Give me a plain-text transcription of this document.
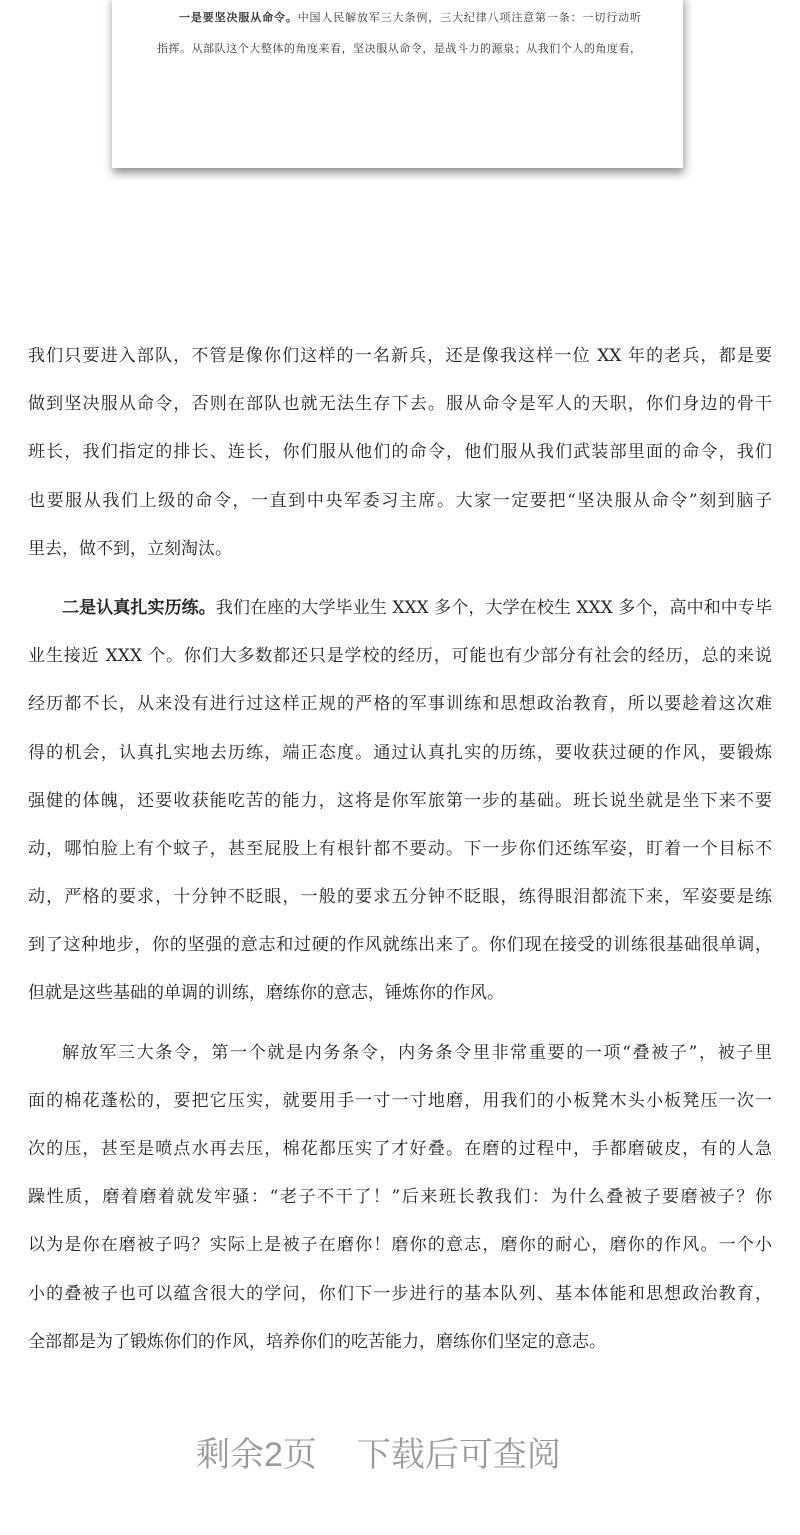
一是要坚决服从命令。中国人民解放军三大条例，三大纪律八项注意第一条：一切行动听
指挥。从部队这个大整体的角度来看，坚决服从命令，是战斗力的源泉；从我们个人的角度看，
我们只要进入部队，不管是像你们这样的一名新兵，还是像我这样一位 XX 年的老兵，都是要
做到坚决服从命令，否则在部队也就无法生存下去。服从命令是军人的天职，你们身边的骨干
班长，我们指定的排长、连长，你们服从他们的命令，他们服从我们武装部里面的命令，我们
也要服从我们上级的命令，一直到中央军委习主席。大家一定要把“坚决服从命令”刻到脑子
里去，做不到，立刻淘汰。
二是认真扎实历练。我们在座的大学毕业生 XXX 多个，大学在校生 XXX 多个，高中和中专毕
业生接近 XXX 个。你们大多数都还只是学校的经历，可能也有少部分有社会的经历，总的来说
经历都不长，从来没有进行过这样正规的严格的军事训练和思想政治教育，所以要趁着这次难
得的机会，认真扎实地去历练，端正态度。通过认真扎实的历练，要收获过硬的作风，要锻炼
强健的体魄，还要收获能吃苦的能力，这将是你军旅第一步的基础。班长说坐就是坐下来不要
动，哪怕脸上有个蚊子，甚至屁股上有根针都不要动。下一步你们还练军姿，盯着一个目标不
动，严格的要求，十分钟不眨眼，一般的要求五分钟不眨眼，练得眼泪都流下来，军姿要是练
到了这种地步，你的坚强的意志和过硬的作风就练出来了。你们现在接受的训练很基础很单调，
但就是这些基础的单调的训练，磨练你的意志，锤炼你的作风。
解放军三大条令，第一个就是内务条令，内务条令里非常重要的一项“叠被子”，被子里
面的棉花蓬松的，要把它压实，就要用手一寸一寸地磨，用我们的小板凳木头小板凳压一次一
次的压，甚至是喷点水再去压，棉花都压实了才好叠。在磨的过程中，手都磨破皮，有的人急
躁性质，磨着磨着就发牢骚：“老子不干了！”后来班长教我们：为什么叠被子要磨被子？你
以为是你在磨被子吗？实际上是被子在磨你！磨你的意志，磨你的耐心，磨你的作风。一个小
小的叠被子也可以蕴含很大的学问，你们下一步进行的基本队列、基本体能和思想政治教育，
全部都是为了锻炼你们的作风，培养你们的吃苦能力，磨练你们坚定的意志。
剩余2页 下载后可查阅
